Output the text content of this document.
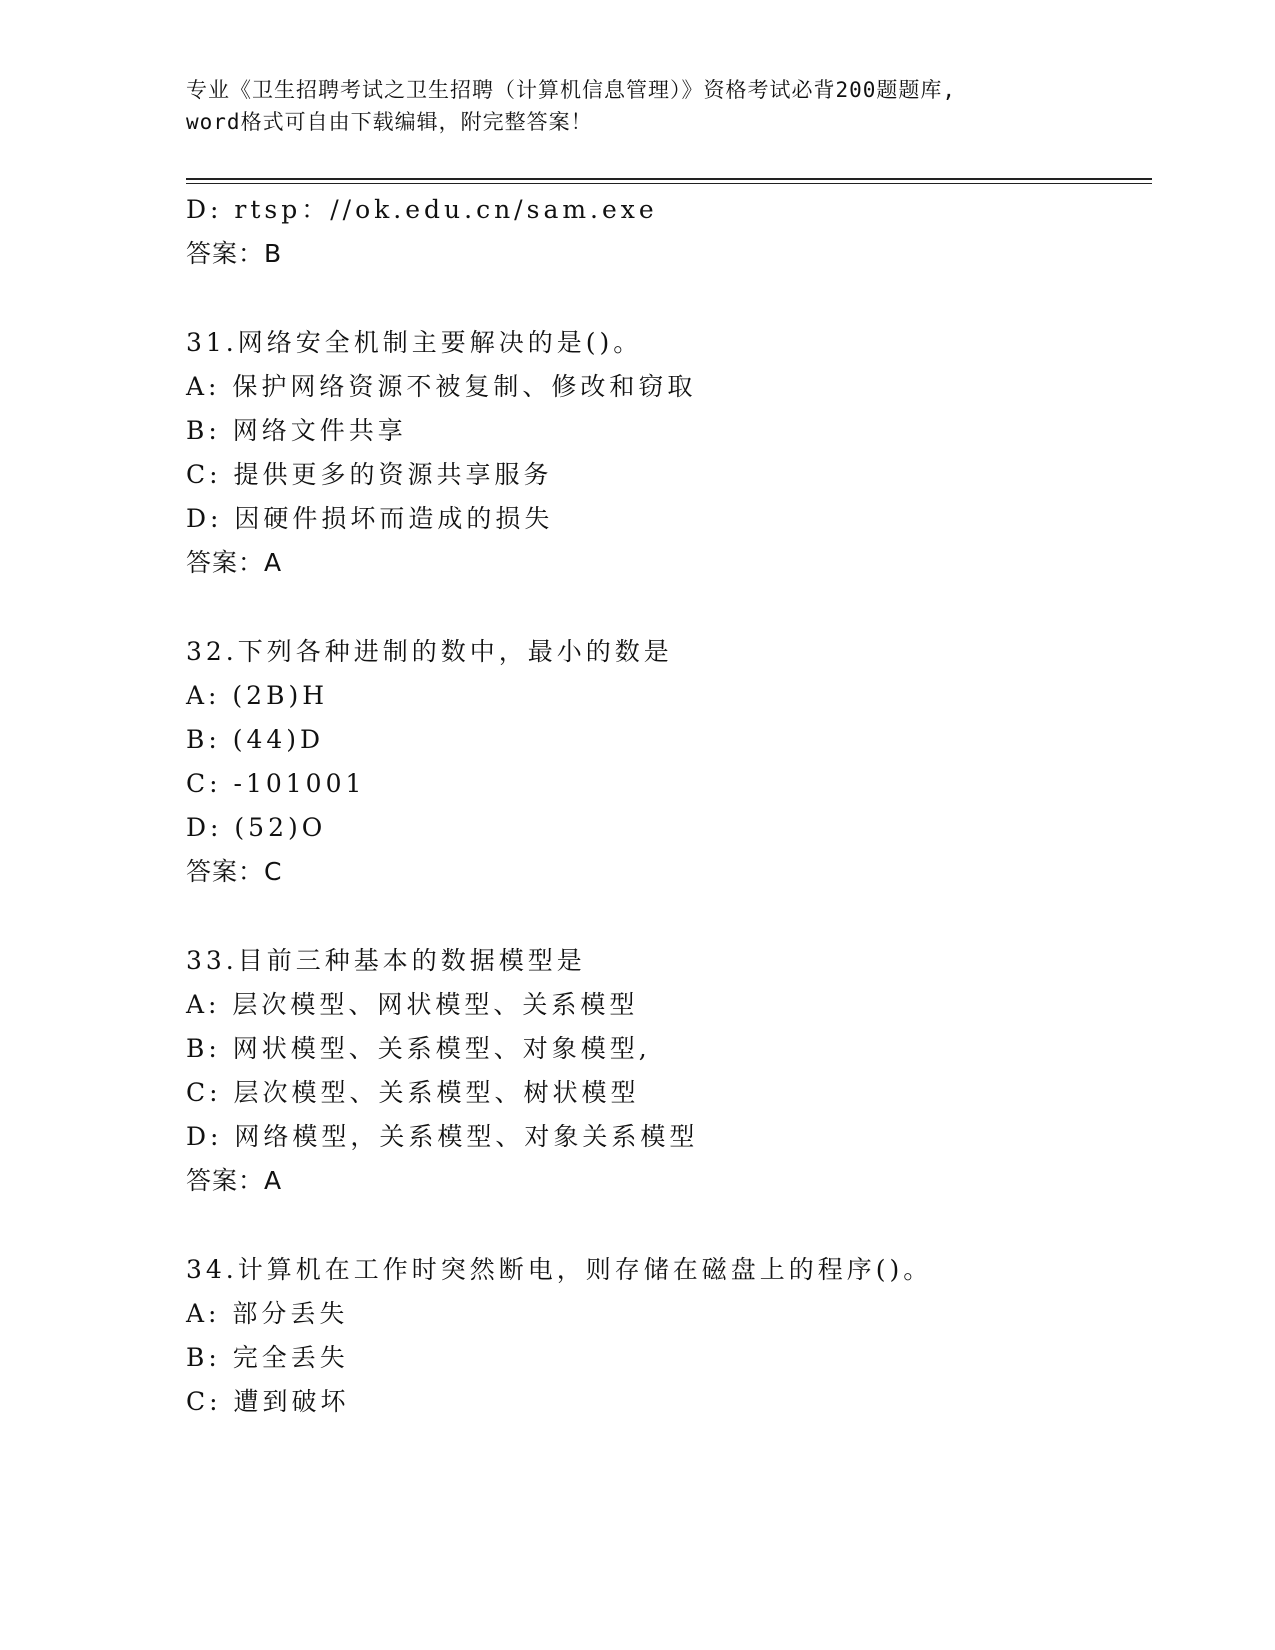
专业《卫生招聘考试之卫生招聘（计算机信息管理）》资格考试必背200题题库,
word格式可自由下载编辑，附完整答案！
D: rtsp：//ok.edu.cn/sam.exe
答案：B
31.网络安全机制主要解决的是()。
A: 保护网络资源不被复制、修改和窃取
B: 网络文件共享
C: 提供更多的资源共享服务
D: 因硬件损坏而造成的损失
答案：A
32.下列各种进制的数中，最小的数是
A: (2B)H
B: (44)D
C: -101001
D: (52)O
答案：C
33.目前三种基本的数据模型是
A: 层次模型、网状模型、关系模型
B: 网状模型、关系模型、对象模型,
C: 层次模型、关系模型、树状模型
D: 网络模型，关系模型、对象关系模型
答案：A
34.计算机在工作时突然断电，则存储在磁盘上的程序()。
A: 部分丢失
B: 完全丢失
C: 遭到破坏
